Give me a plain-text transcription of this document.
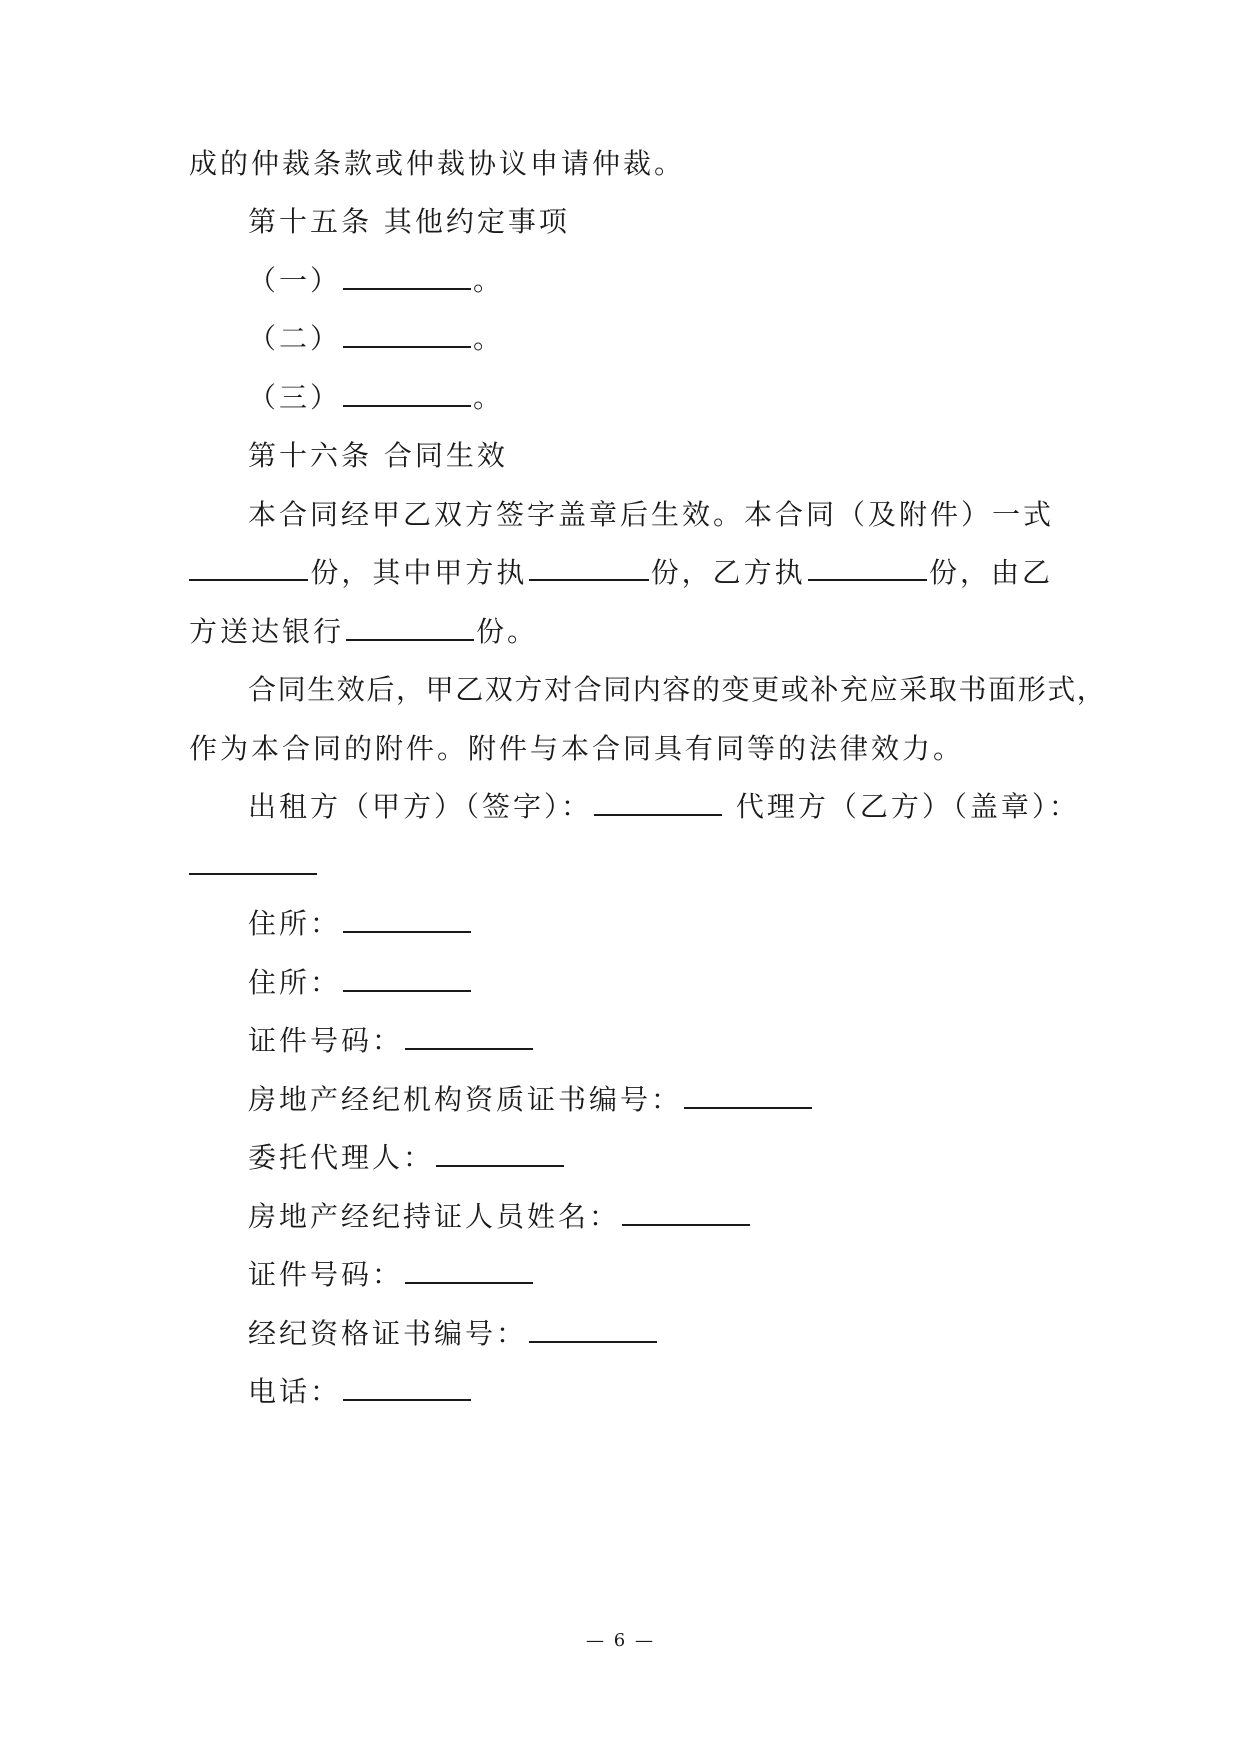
成的仲裁条款或仲裁协议申请仲裁。
第十五条 其他约定事项
（一）	。
（二）	。
（三）	。
第十六条 合同生效
本合同经甲乙双方签字盖章后生效。本合同（及附件）一式
份，其中甲方执	份，乙方执	份，由乙
方送达银行	份。
合同生效后，甲乙双方对合同内容的变更或补充应采取书面形式，
作为本合同的附件。附件与本合同具有同等的法律效力。
出租方（甲方）（签字）：	代理方（乙方）（盖章）：
住所：
住所：
证件号码：
房地产经纪机构资质证书编号：
委托代理人：
房地产经纪持证人员姓名：
证件号码：
经纪资格证书编号：
电话：
— 6 —
